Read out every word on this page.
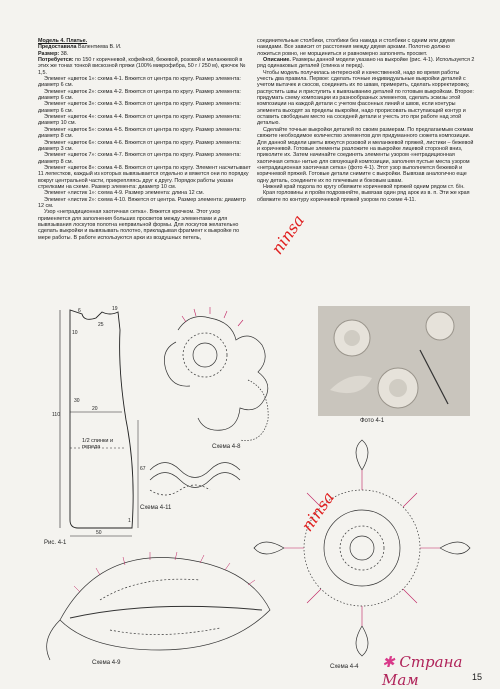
Модель 4. Платье.

Предоставила Валентиева В. И.

Размер: 38.

Потребуется: по 150 г коричневой, кофейной, бежевой, розовой и меланжевой в этих же тонах тонкой вискозной пряжи (100% микрофибра, 50 г / 250 м), крючок № 1,5.

Элемент «цветок 1»: схема 4-1. Вяжется от центра по кругу. Размер элемента: диаметр 6 см.

Элемент «цветок 2»: схема 4-2. Вяжется от центра по кругу. Размер элемента: диаметр 6 см.

Элемент «цветок 3»: схема 4-3. Вяжется от центра по кругу. Размер элемента: диаметр 6 см.

Элемент «цветок 4»: схема 4-4. Вяжется от центра по кругу. Размер элемента: диаметр 10 см.

Элемент «цветок 5»: схема 4-5. Вяжется от центра по кругу. Размер элемента: диаметр 8 см.

Элемент «цветок 6»: схема 4-6. Вяжется от центра по кругу. Размер элемента: диаметр 3 см.

Элемент «цветок 7»: схема 4-7. Вяжется от центра по кругу. Размер элемента: диаметр 8 см.

Элемент «цветок 8»: схема 4-8. Вяжется от центра по кругу. Элемент насчитывает 11 лепестков, каждый из которых вывязывается отдельно и вяжется они по порядку вокруг центральной части, прикрепляясь друг к другу. Порядок работы указан стрелками на схеме. Размер элемента: диаметр 10 см.

Элемент «листик 1»: схема 4-9. Размер элемента: длина 12 см.

Элемент «листик 2»: схема 4-10. Вяжется от центра. Размер элемента: диаметр 12 см.

Узор «нетрадиционная хаотичная сетка». Вяжется крючком. Этот узор применяется для заполнения больших просветов между элементами и для вывязывания лоскутов полотна непрвильной формы. Для лоскутов желательно сделать выкройки и вывязывать полотно, прикладывая фрагмент к выкройке по мере работы. В работе используются арки из воздушных петель,

соединительные столбики, столбики без накида и столбики с одним или двумя накидами. Все зависит от расстояния между двумя арками. Полотно должно ложиться ровно, не морщиниться и равномерно заполнять просвет.

Описание. Размеры данной модели указано на выкройке (рис. 4-1). Используется 2 ряд одинаковых деталей (спинка и перед).

Чтобы модель получилась интересной и качественной, надо во время работы учесть два правила. Первое: сделать точные индивидуальные выкройки деталей с учетом вытачек и скосов, соединить их по швам, примерить, сделать корректировку, распустить швы и приступить к вывязыванию деталей по готовым выкройкам. Второе: придумать схему композиции из разнообразных элементов, сделать эскизы этой композиции на каждой детали с учетом фасонных линий и швов, если контуры элемента выходят за пределы выкройки, надо прорисовать выступающий контур и оставить свободным место на соседней детали и учесть это при работе над этой деталью.

Сделайте точные выкройки деталей по своим размерам. По предлагаемым схемам свяжите необходимое количество элементов для придуманного сюжета композиции. Для данной модели цветы вяжутся розовой и меланжевой пряжей, листики – бежевой и коричневой. Готовые элементы разложите на выкройке лицевой стороной вниз, приколите их. Затем начинайте соединять элементы узором «нетрадиционная хаотичная сетка» нитью для связующей композиции, заполняя пустые места узором «нетрадиционная хаотичная сетка» (фото 4-1). Этот узор выполняется бежевой и коричневой пряжей. Готовые детали снимите с выкройки. Вывязав аналогично еще одну деталь, соедините их по плечевым и боковым швам.

Нижний край подола по кругу обвяжите коричневой пряжей одним рядом ст. б/н.

Края горловины и пройм подровняйте, вывязав один ряд арок из в. п. Эти же края обвяжите по контуру коричневой пряжей узором по схеме 4-11.

Фото 4-1
Схема 4-8
Схема 4-11
Рис. 4-1
Схема 4-9
Схема 4-4
1/2 спинки и переда
110
20
30
25
67
6	19
10
50
1
ninsa
ninsa
✱ Страна Мам	15
